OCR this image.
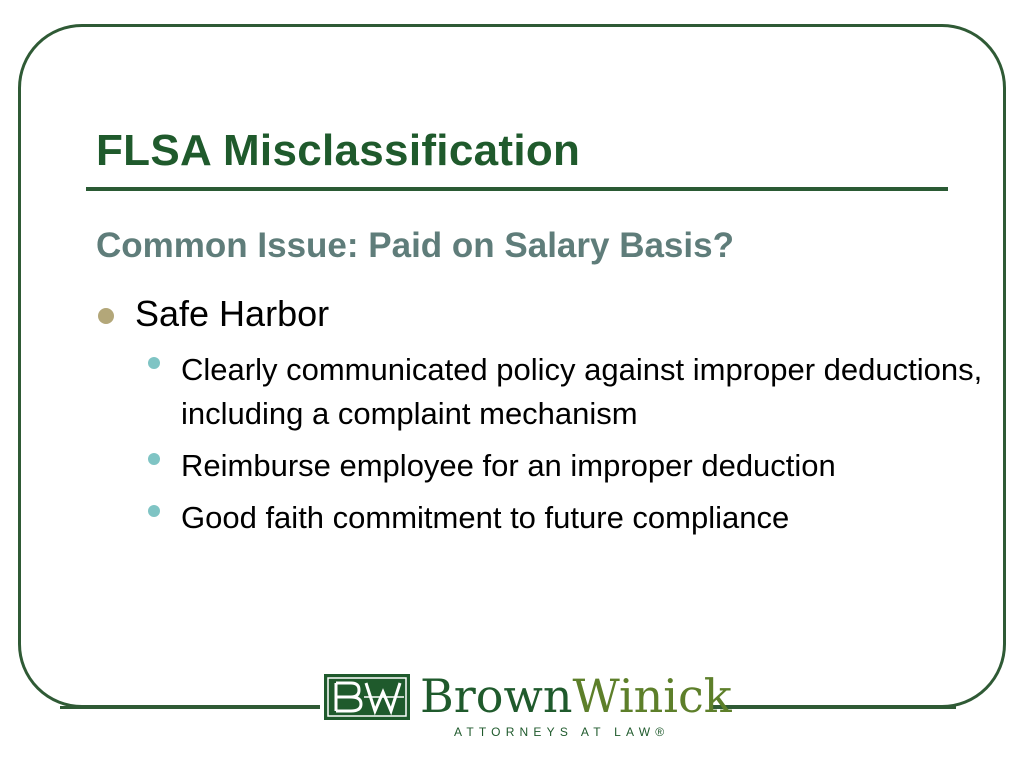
FLSA Misclassification
Common Issue: Paid on Salary Basis?
Safe Harbor
Clearly communicated policy against improper deductions, including a complaint mechanism
Reimburse employee for an improper deduction
Good faith commitment to future compliance
BrownWinick
ATTORNEYS AT LAW®
